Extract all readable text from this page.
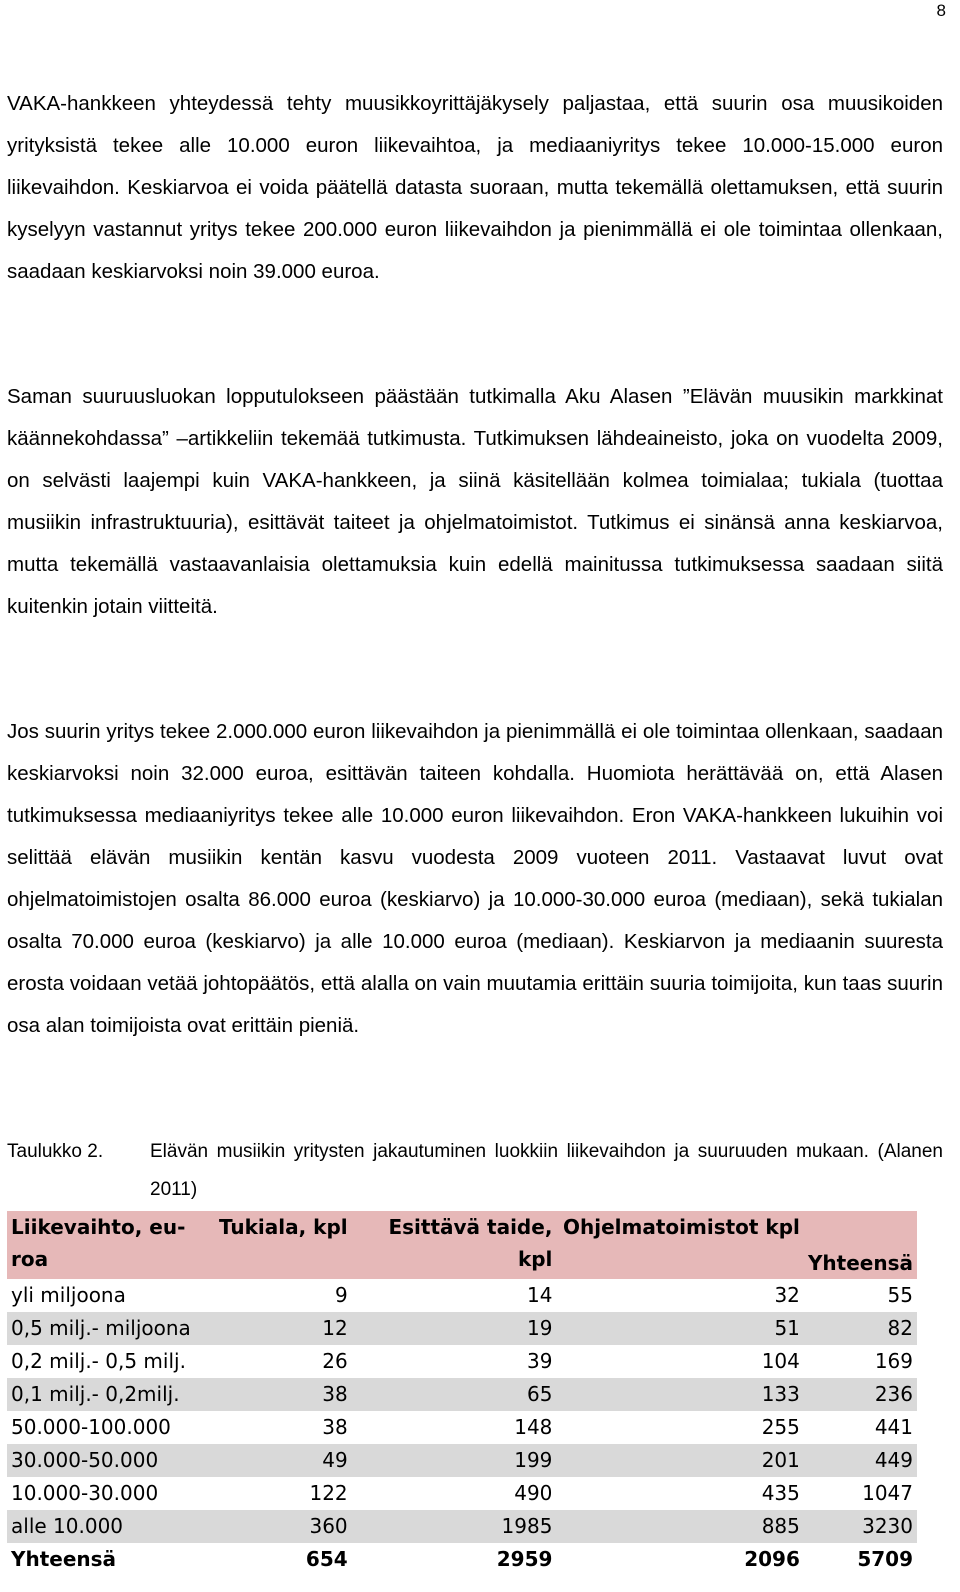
8

VAKA-hankkeen yhteydessä tehty muusikkoyrittäjäkysely paljastaa, että suurin osa muusikoiden yrityksistä tekee alle 10.000 euron liikevaihtoa, ja mediaaniyritys tekee 10.000-15.000 euron liikevaihdon. Keskiarvoa ei voida päätellä datasta suoraan, mutta tekemällä olettamuksen, että suurin kyselyyn vastannut yritys tekee 200.000 euron liikevaihdon ja pienimmällä ei ole toimintaa ollenkaan, saadaan keskiarvoksi noin 39.000 euroa.

Saman suuruusluokan lopputulokseen päästään tutkimalla Aku Alasen ”Elävän muusikin markkinat käännekohdassa” –artikkeliin tekemää tutkimusta. Tutkimuksen lähdeaineisto, joka on vuodelta 2009, on selvästi laajempi kuin VAKA-hankkeen, ja siinä käsitellään kolmea toimialaa; tukiala (tuottaa musiikin infrastruktuuria), esittävät taiteet ja ohjelmatoimistot. Tutkimus ei sinänsä anna keskiarvoa, mutta tekemällä vastaavanlaisia olettamuksia kuin edellä mainitussa tutkimuksessa saadaan siitä kuitenkin jotain viitteitä.

Jos suurin yritys tekee 2.000.000 euron liikevaihdon ja pienimmällä ei ole toimintaa ollenkaan, saadaan keskiarvoksi noin 32.000 euroa, esittävän taiteen kohdalla. Huomiota herättävää on, että Alasen tutkimuksessa mediaaniyritys tekee alle 10.000 euron liikevaihdon. Eron VAKA-hankkeen lukuihin voi selittää elävän musiikin kentän kasvu vuodesta 2009 vuoteen 2011. Vastaavat luvut ovat ohjelmatoimistojen osalta 86.000 euroa (keskiarvo) ja 10.000-30.000 euroa (mediaan), sekä tukialan osalta 70.000 euroa (keskiarvo) ja alle 10.000 euroa (mediaan). Keskiarvon ja mediaanin suuresta erosta voidaan vetää johtopäätös, että alalla on vain muutamia erittäin suuria toimijoita, kun taas suurin osa alan toimijoista ovat erittäin pieniä.

Taulukko 2. Elävän musiikin yritysten jakautuminen luokkiin liikevaihdon ja suuruuden mukaan. (Alanen 2011)
Liikevaihto, euroa	Tukiala, kpl	Esittävä taide, kpl	Ohjelmatoimistot kpl	Yhteensä
yli miljoona	9	14	32	55
0,5 milj.- miljoona	12	19	51	82
0,2 milj.- 0,5 milj.	26	39	104	169
0,1 milj.- 0,2milj.	38	65	133	236
50.000-100.000	38	148	255	441
30.000-50.000	49	199	201	449
10.000-30.000	122	490	435	1047
alle 10.000	360	1985	885	3230
Yhteensä	654	2959	2096	5709
